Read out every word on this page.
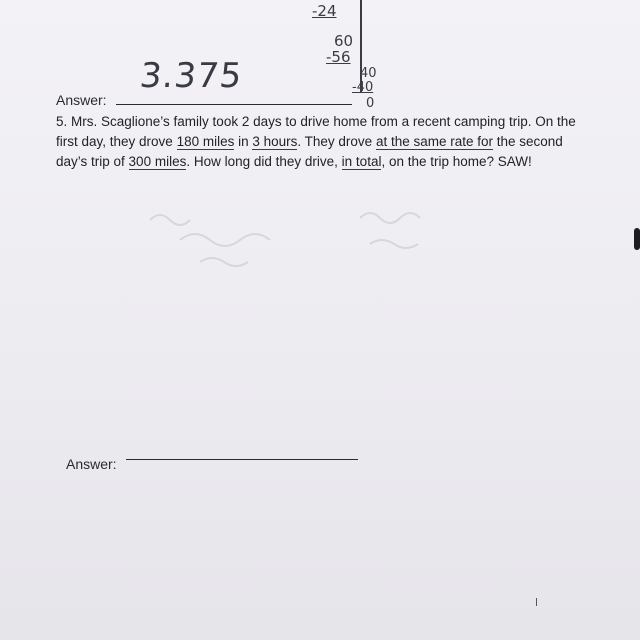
-24
60
-56
40
-40
0
3.375
Answer:
5. Mrs. Scaglione’s family took 2 days to drive home from a recent camping trip. On the
first day, they drove 180 miles in 3 hours. They drove at the same rate for the second
day’s trip of 300 miles. How long did they drive, in total, on the trip home? SAW!
Answer:
